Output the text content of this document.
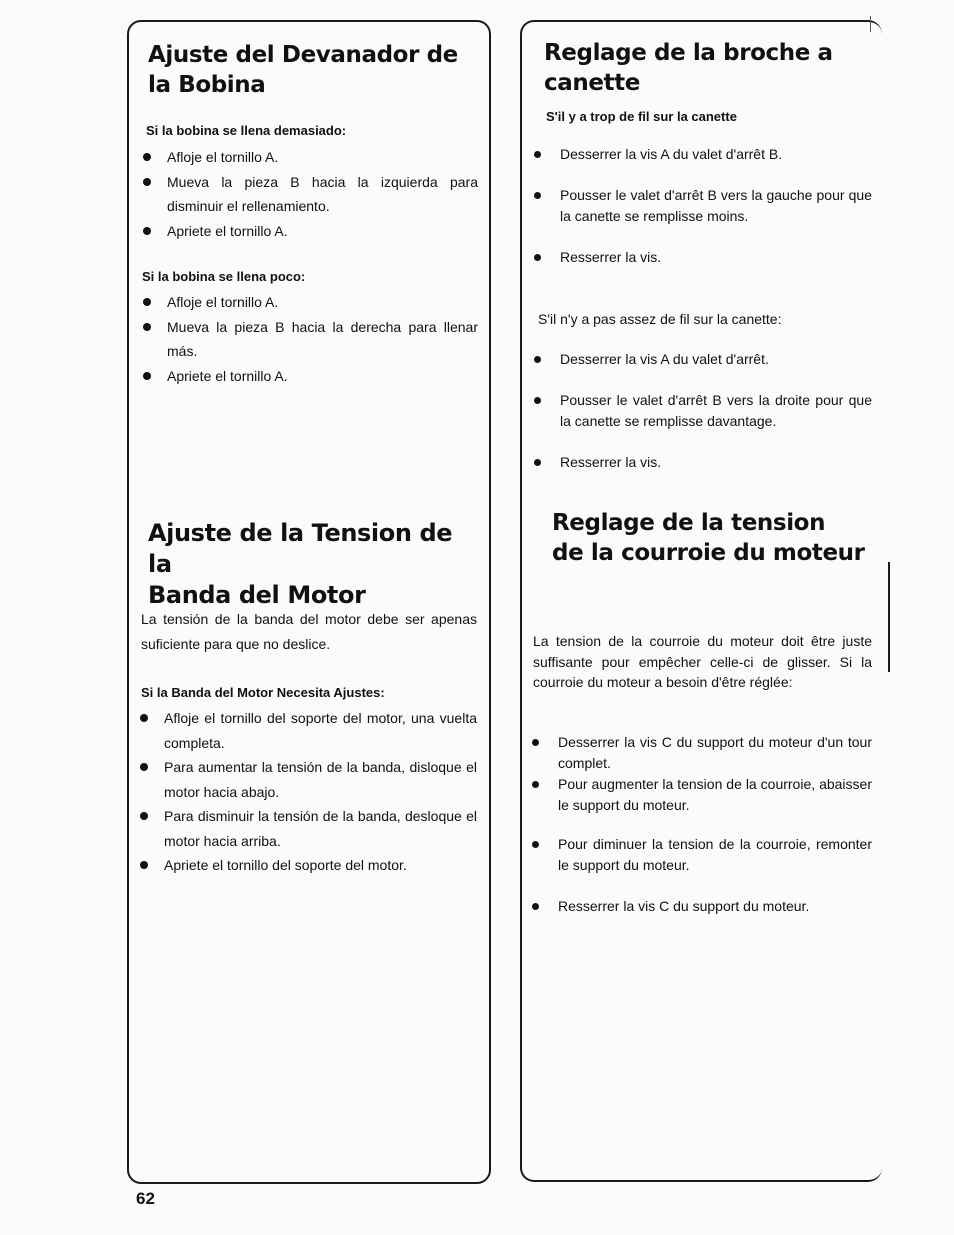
Ajuste del Devanador de
la Bobina
Si la bobina se llena demasiado:
Afloje el tornillo A.
Mueva la pieza B hacia la izquierda para disminuir el rellenamiento.
Apriete el tornillo A.
Si la bobina se llena poco:
Afloje el tornillo A.
Mueva la pieza B hacia la derecha para llenar más.
Apriete el tornillo A.
Ajuste de la Tension de la
Banda del Motor

La tensión de la banda del motor debe ser apenas suficiente para que no deslice.

Si la Banda del Motor Necesita Ajustes:
Afloje el tornillo del soporte del motor, una vuelta completa.
Para aumentar la tensión de la banda, disloque el motor hacia abajo.
Para disminuir la tensión de la banda, desloque el motor hacia arriba.
Apriete el tornillo del soporte del motor.
Reglage de la broche a
canette
S'il y a trop de fil sur la canette
Desserrer la vis A du valet d'arrêt B.
Pousser le valet d'arrêt B vers la gauche pour que la canette se remplisse moins.
Resserrer la vis.
S'il n'y a pas assez de fil sur la canette:
Desserrer la vis A du valet d'arrêt.
Pousser le valet d'arrêt B vers la droite pour que la canette se remplisse davantage.
Resserrer la vis.
Reglage de la tension
de la courroie du moteur

La tension de la courroie du moteur doit être juste suffisante pour empêcher celle-ci de glisser. Si la courroie du moteur a besoin d'être réglée:

Desserrer la vis C du support du moteur d'un tour complet.
Pour augmenter la tension de la courroie, abaisser le support du moteur.
Pour diminuer la tension de la courroie, remonter le support du moteur.
Resserrer la vis C du support du moteur.
62
